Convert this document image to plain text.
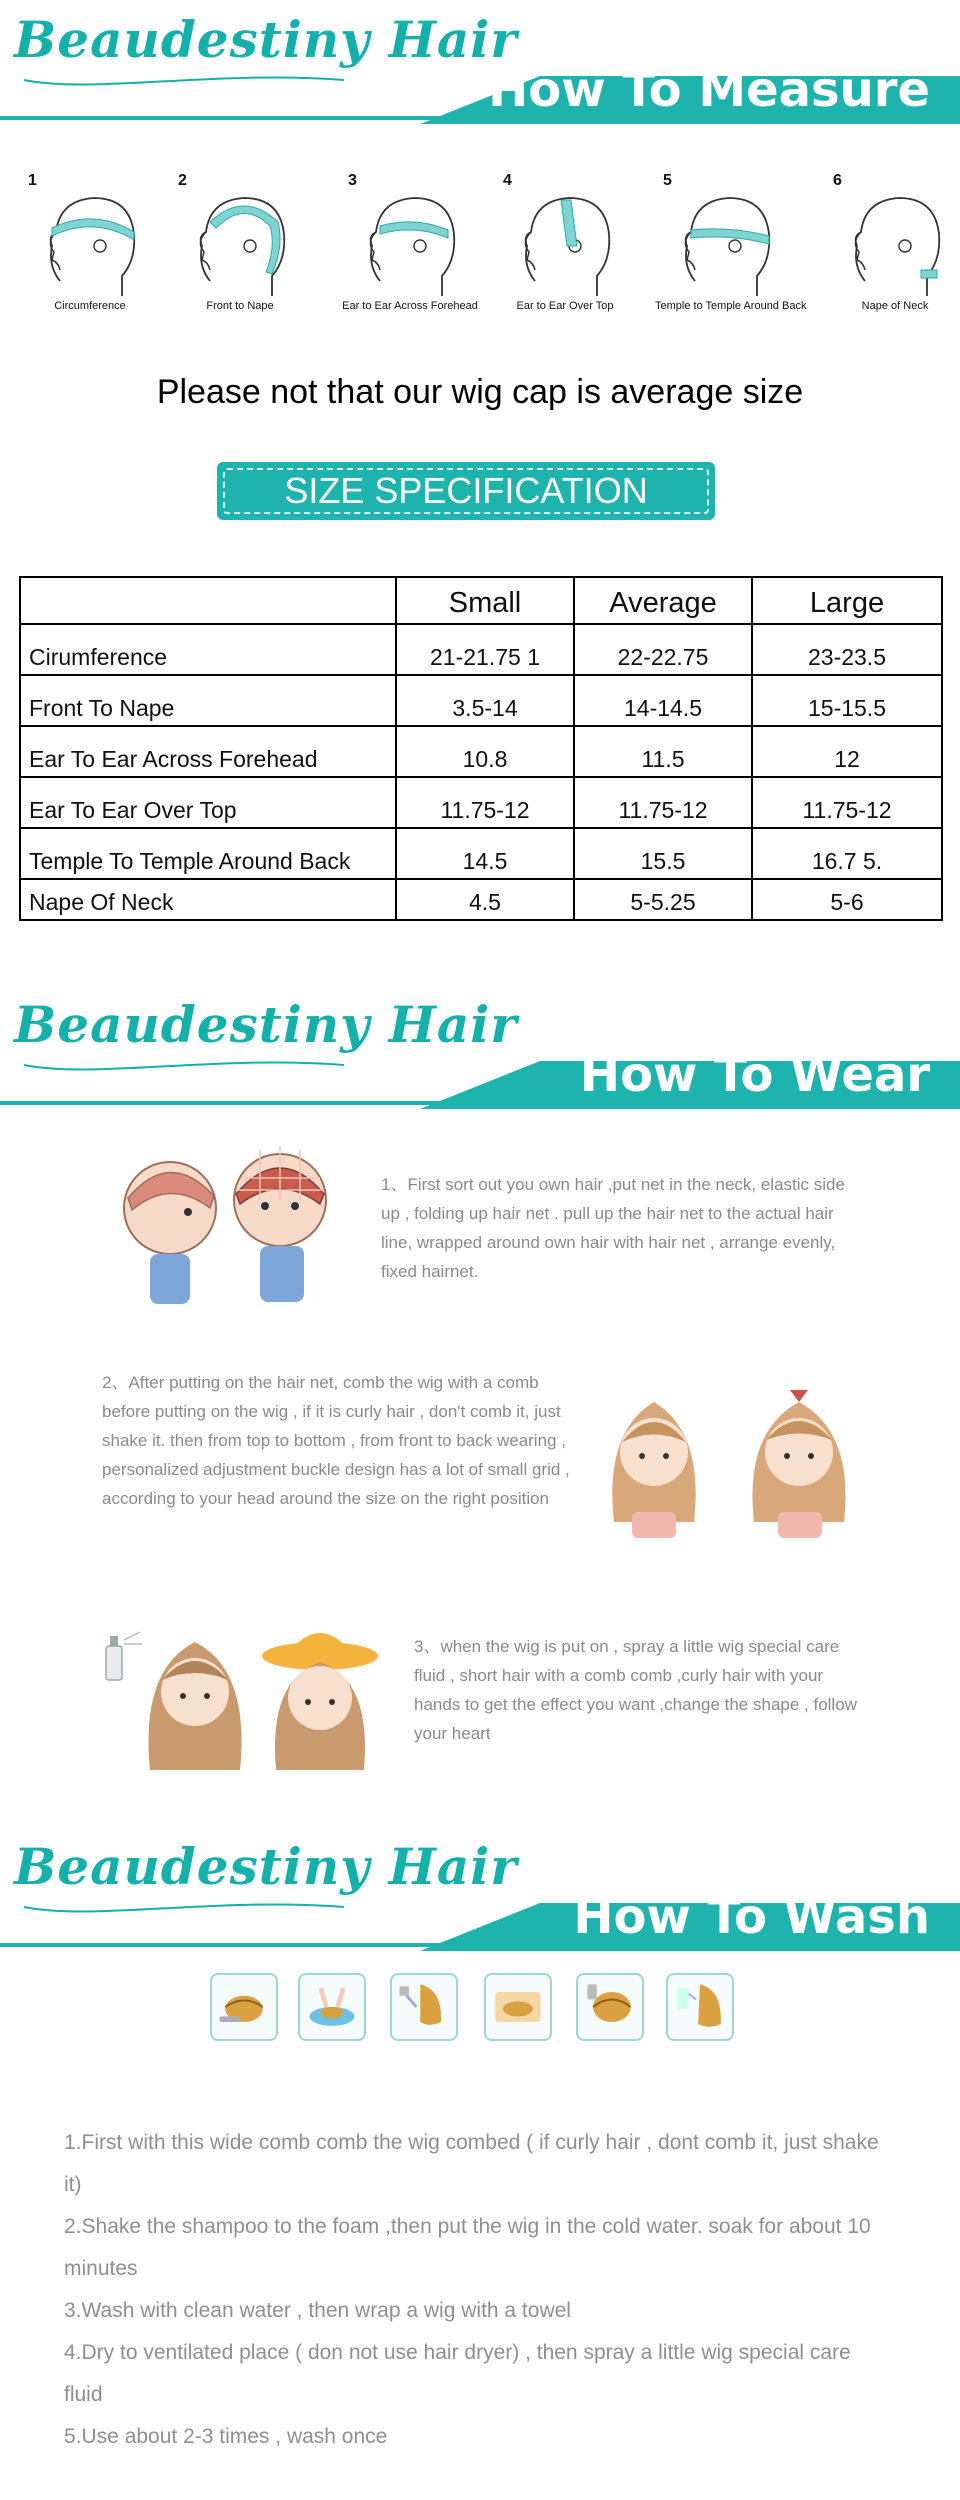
Beaudestiny Hair
How To Measure
1
Circumference
2
Front to Nape
3
Ear to Ear Across Forehead
4
Ear to Ear Over Top
5
Temple to Temple Around Back
6
Nape of Neck
Please not that our wig cap is average size
SIZE SPECIFICATION
	Small	Average	Large
Cirumference	21-21.75 1	22-22.75	23-23.5
Front To Nape	3.5-14	14-14.5	15-15.5
Ear To Ear Across Forehead	10.8	11.5	12
Ear To Ear Over Top	11.75-12	11.75-12	11.75-12
Temple To Temple Around Back	14.5	15.5	16.7 5.
Nape Of Neck	4.5	5-5.25	5-6
Beaudestiny Hair
How To Wear
1、First sort out you own hair ,put net in the neck, elastic side up , folding up hair net . pull up the hair net to the actual hair line, wrapped around own hair with hair net , arrange evenly, fixed hairnet.
2、After putting on the hair net, comb the wig with a comb before putting on the wig , if it is curly hair , don't comb it, just shake it. then from top to bottom , from front to back wearing , personalized adjustment buckle design has a lot of small grid , according to your head around the size on the right position
3、when the wig is put on , spray a little wig special care fluid , short hair with a comb comb ,curly hair with your hands to get the effect you want ,change the shape , follow your heart
Beaudestiny Hair
How To Wash
1.First with this wide comb comb the wig combed ( if curly hair , dont comb it, just shake it)
2.Shake the shampoo to the foam ,then put the wig in the cold water. soak for about 10 minutes
3.Wash with clean water , then wrap a wig with a towel
4.Dry to ventilated place ( don not use hair dryer) , then spray a little wig special care fluid
5.Use about 2-3 times , wash once
